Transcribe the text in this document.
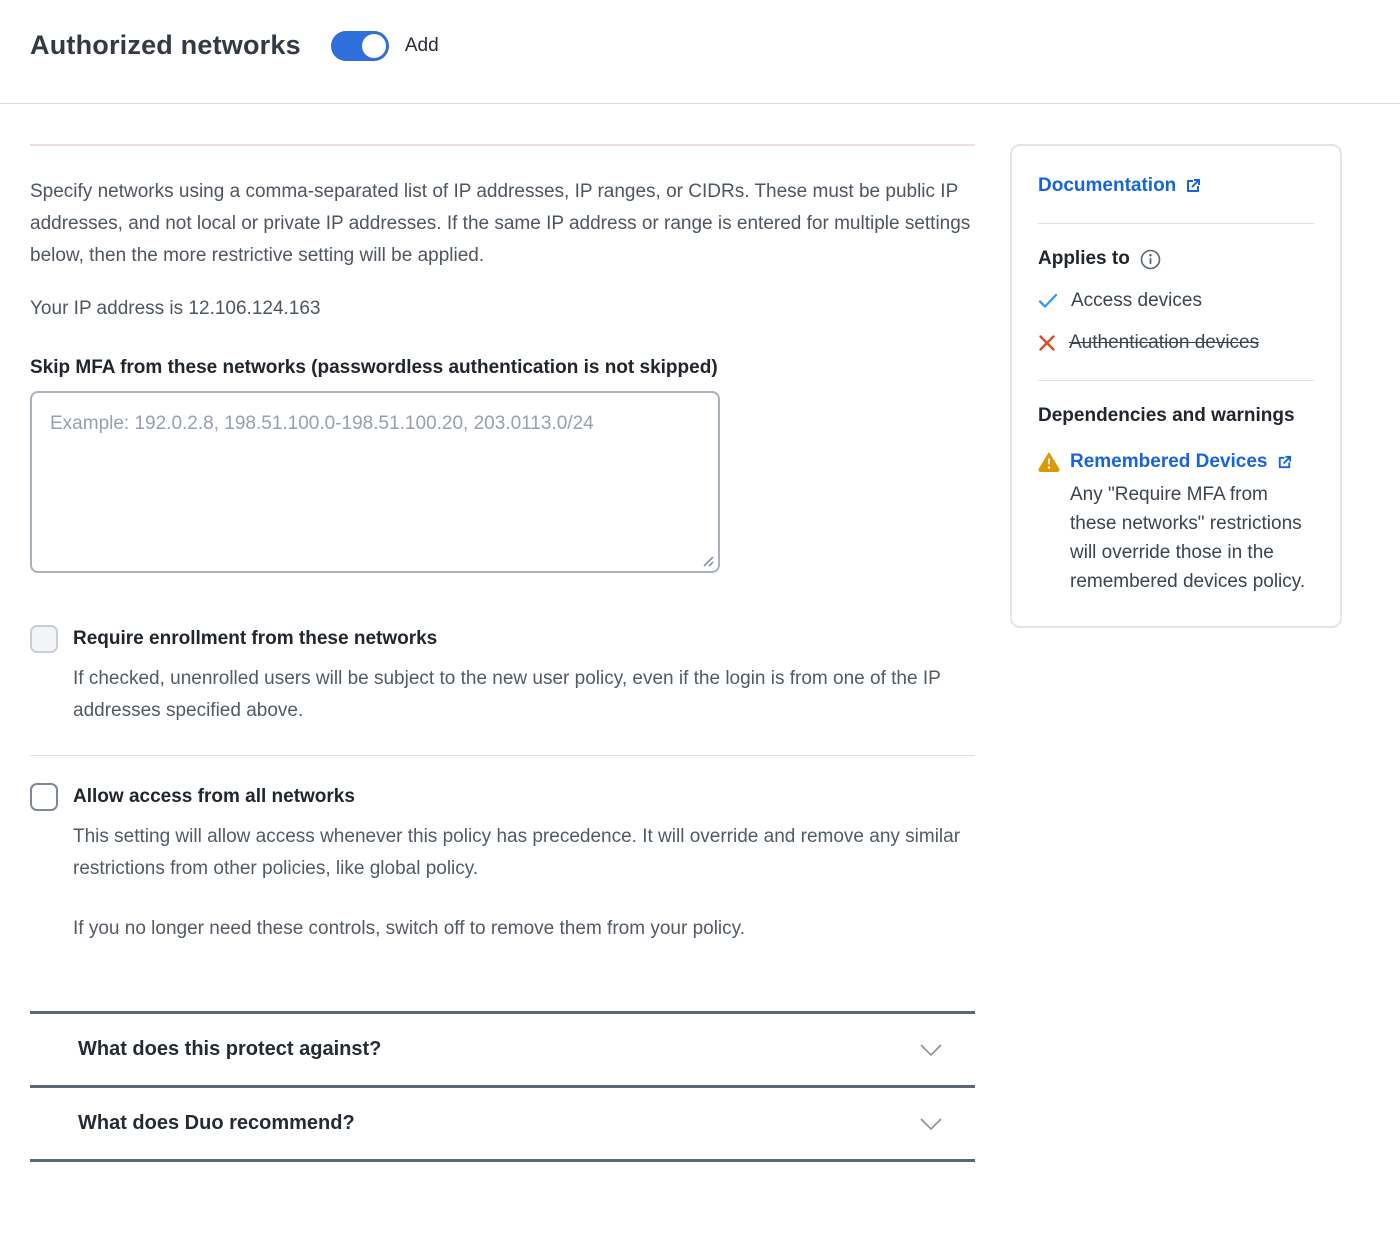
Authorized networks	Add

Specify networks using a comma-separated list of IP addresses, IP ranges, or CIDRs. These must be public IP addresses, and not local or private IP addresses. If the same IP address or range is entered for multiple settings below, then the more restrictive setting will be applied.

Your IP address is 12.106.124.163

Skip MFA from these networks (passwordless authentication is not skipped)
Example: 192.0.2.8, 198.51.100.0-198.51.100.20, 203.0113.0/24
Require enrollment from these networks

If checked, unenrolled users will be subject to the new user policy, even if the login is from one of the IP addresses specified above.

Allow access from all networks

This setting will allow access whenever this policy has precedence. It will override and remove any similar restrictions from other policies, like global policy.

If you no longer need these controls, switch off to remove them from your policy.

What does this protect against?
What does Duo recommend?
Documentation
Applies to
Access devices
Authentication devices
Dependencies and warnings
Remembered Devices

Any "Require MFA from these networks" restrictions will override those in the remembered devices policy.
